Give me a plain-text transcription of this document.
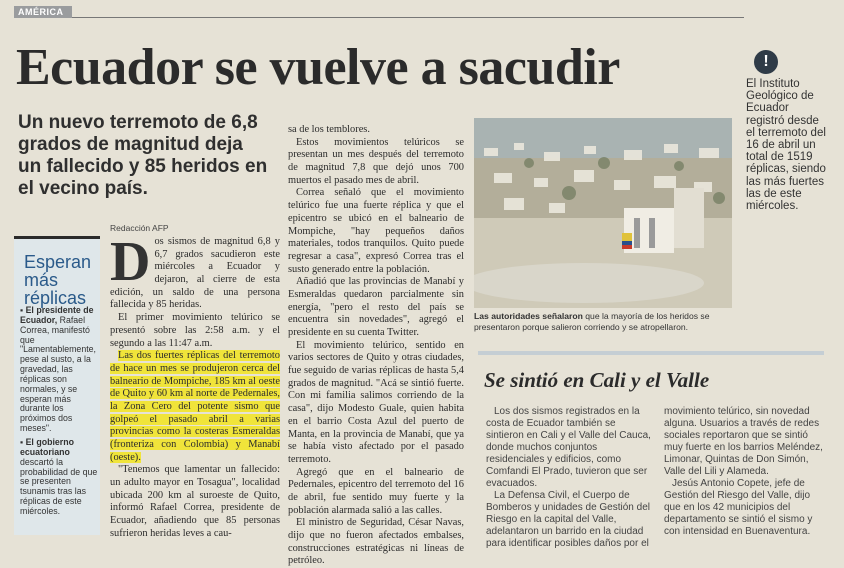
AMÉRICA
Ecuador se vuelve a sacudir
Un nuevo terremoto de 6,8 grados de magnitud deja un fallecido y 85 heridos en el vecino país.
!
El Instituto Geológico de Ecuador registró desde el terremoto del 16 de abril un total de 1519 réplicas, siendo las más fuertes las de este miércoles.
Las autoridades señalaron que la mayoría de los heridos se presentaron porque salieron corriendo y se atropellaron.
Esperan más réplicas

▪ El presidente de Ecuador, Rafael Correa, manifestó que "Lamentablemente, pese al susto, a la gravedad, las réplicas son normales, y se esperan más durante los próximos dos meses".

▪ El gobierno ecuatoriano descartó la probabilidad de que se presenten tsunamis tras las réplicas de este miércoles.

Redacción AFP
D os sismos de magnitud 6,8 y 6,7 grados sacudieron este miércoles a Ecuador y dejaron, al cierre de esta edición, un saldo de una persona fallecida y 85 heridas.

El primer movimiento telúrico se presentó sobre las 2:58 a.m. y el segundo a las 11:47 a.m.

Las dos fuertes réplicas del terremoto de hace un mes se produjeron cerca del balneario de Mompiche, 185 km al oeste de Quito y 60 km al norte de Pedernales, la Zona Cero del potente sismo que golpeó el pasado abril a varias provincias como la costeras Esmeraldas (fronteriza con Colombia) y Manabí (oeste).

"Tenemos que lamentar un fallecido: un adulto mayor en Tosagua", localidad ubicada 200 km al suroeste de Quito, informó Rafael Correa, presidente de Ecuador, añadiendo que 85 personas sufrieron heridas leves a cau-

sa de los temblores.

Estos movimientos telúricos se presentan un mes después del terremoto de magnitud 7,8 que dejó unos 700 muertos el pasado mes de abril.

Correa señaló que el movimiento telúrico fue una fuerte réplica y que el epicentro se ubicó en el balneario de Mompiche, "hay pequeños daños materiales, todos tranquilos. Quito puede regresar a casa", expresó Correa tras el susto generado entre la población.

Añadió que las provincias de Manabí y Esmeraldas quedaron parcialmente sin energía, "pero el resto del país se encuentra sin novedades", agregó el presidente en su cuenta Twitter.

El movimiento telúrico, sentido en varios sectores de Quito y otras ciudades, fue seguido de varias réplicas de hasta 5,4 grados de magnitud. "Acá se sintió fuerte. Con mi familia salimos corriendo de la casa", dijo Modesto Guale, quien habita en el barrio Costa Azul del puerto de Manta, en la provincia de Manabí, que ya se había visto afectado por el pasado terremoto.

Agregó que en el balneario de Pedernales, epicentro del terremoto del 16 de abril, fue sentido muy fuerte y la población alarmada salió a las calles.

El ministro de Seguridad, César Navas, dijo que no fueron afectados embalses, construcciones estratégicas ni líneas de petróleo.

Se sintió en Cali y el Valle

Los dos sismos registrados en la costa de Ecuador también se sintieron en Cali y el Valle del Cauca, donde muchos conjuntos residenciales y edificios, como Comfandi El Prado, tuvieron que ser evacuados.

La Defensa Civil, el Cuerpo de Bomberos y unidades de Gestión del Riesgo en la capital del Valle, adelantaron un barrido en la ciudad para identificar posibles daños por el

movimiento telúrico, sin novedad alguna. Usuarios a través de redes sociales reportaron que se sintió muy fuerte en los barrios Meléndez, Limonar, Quintas de Don Simón, Valle del Lili y Alameda.

Jesús Antonio Copete, jefe de Gestión del Riesgo del Valle, dijo que en los 42 municipios del departamento se sintió el sismo y con intensidad en Buenaventura.
